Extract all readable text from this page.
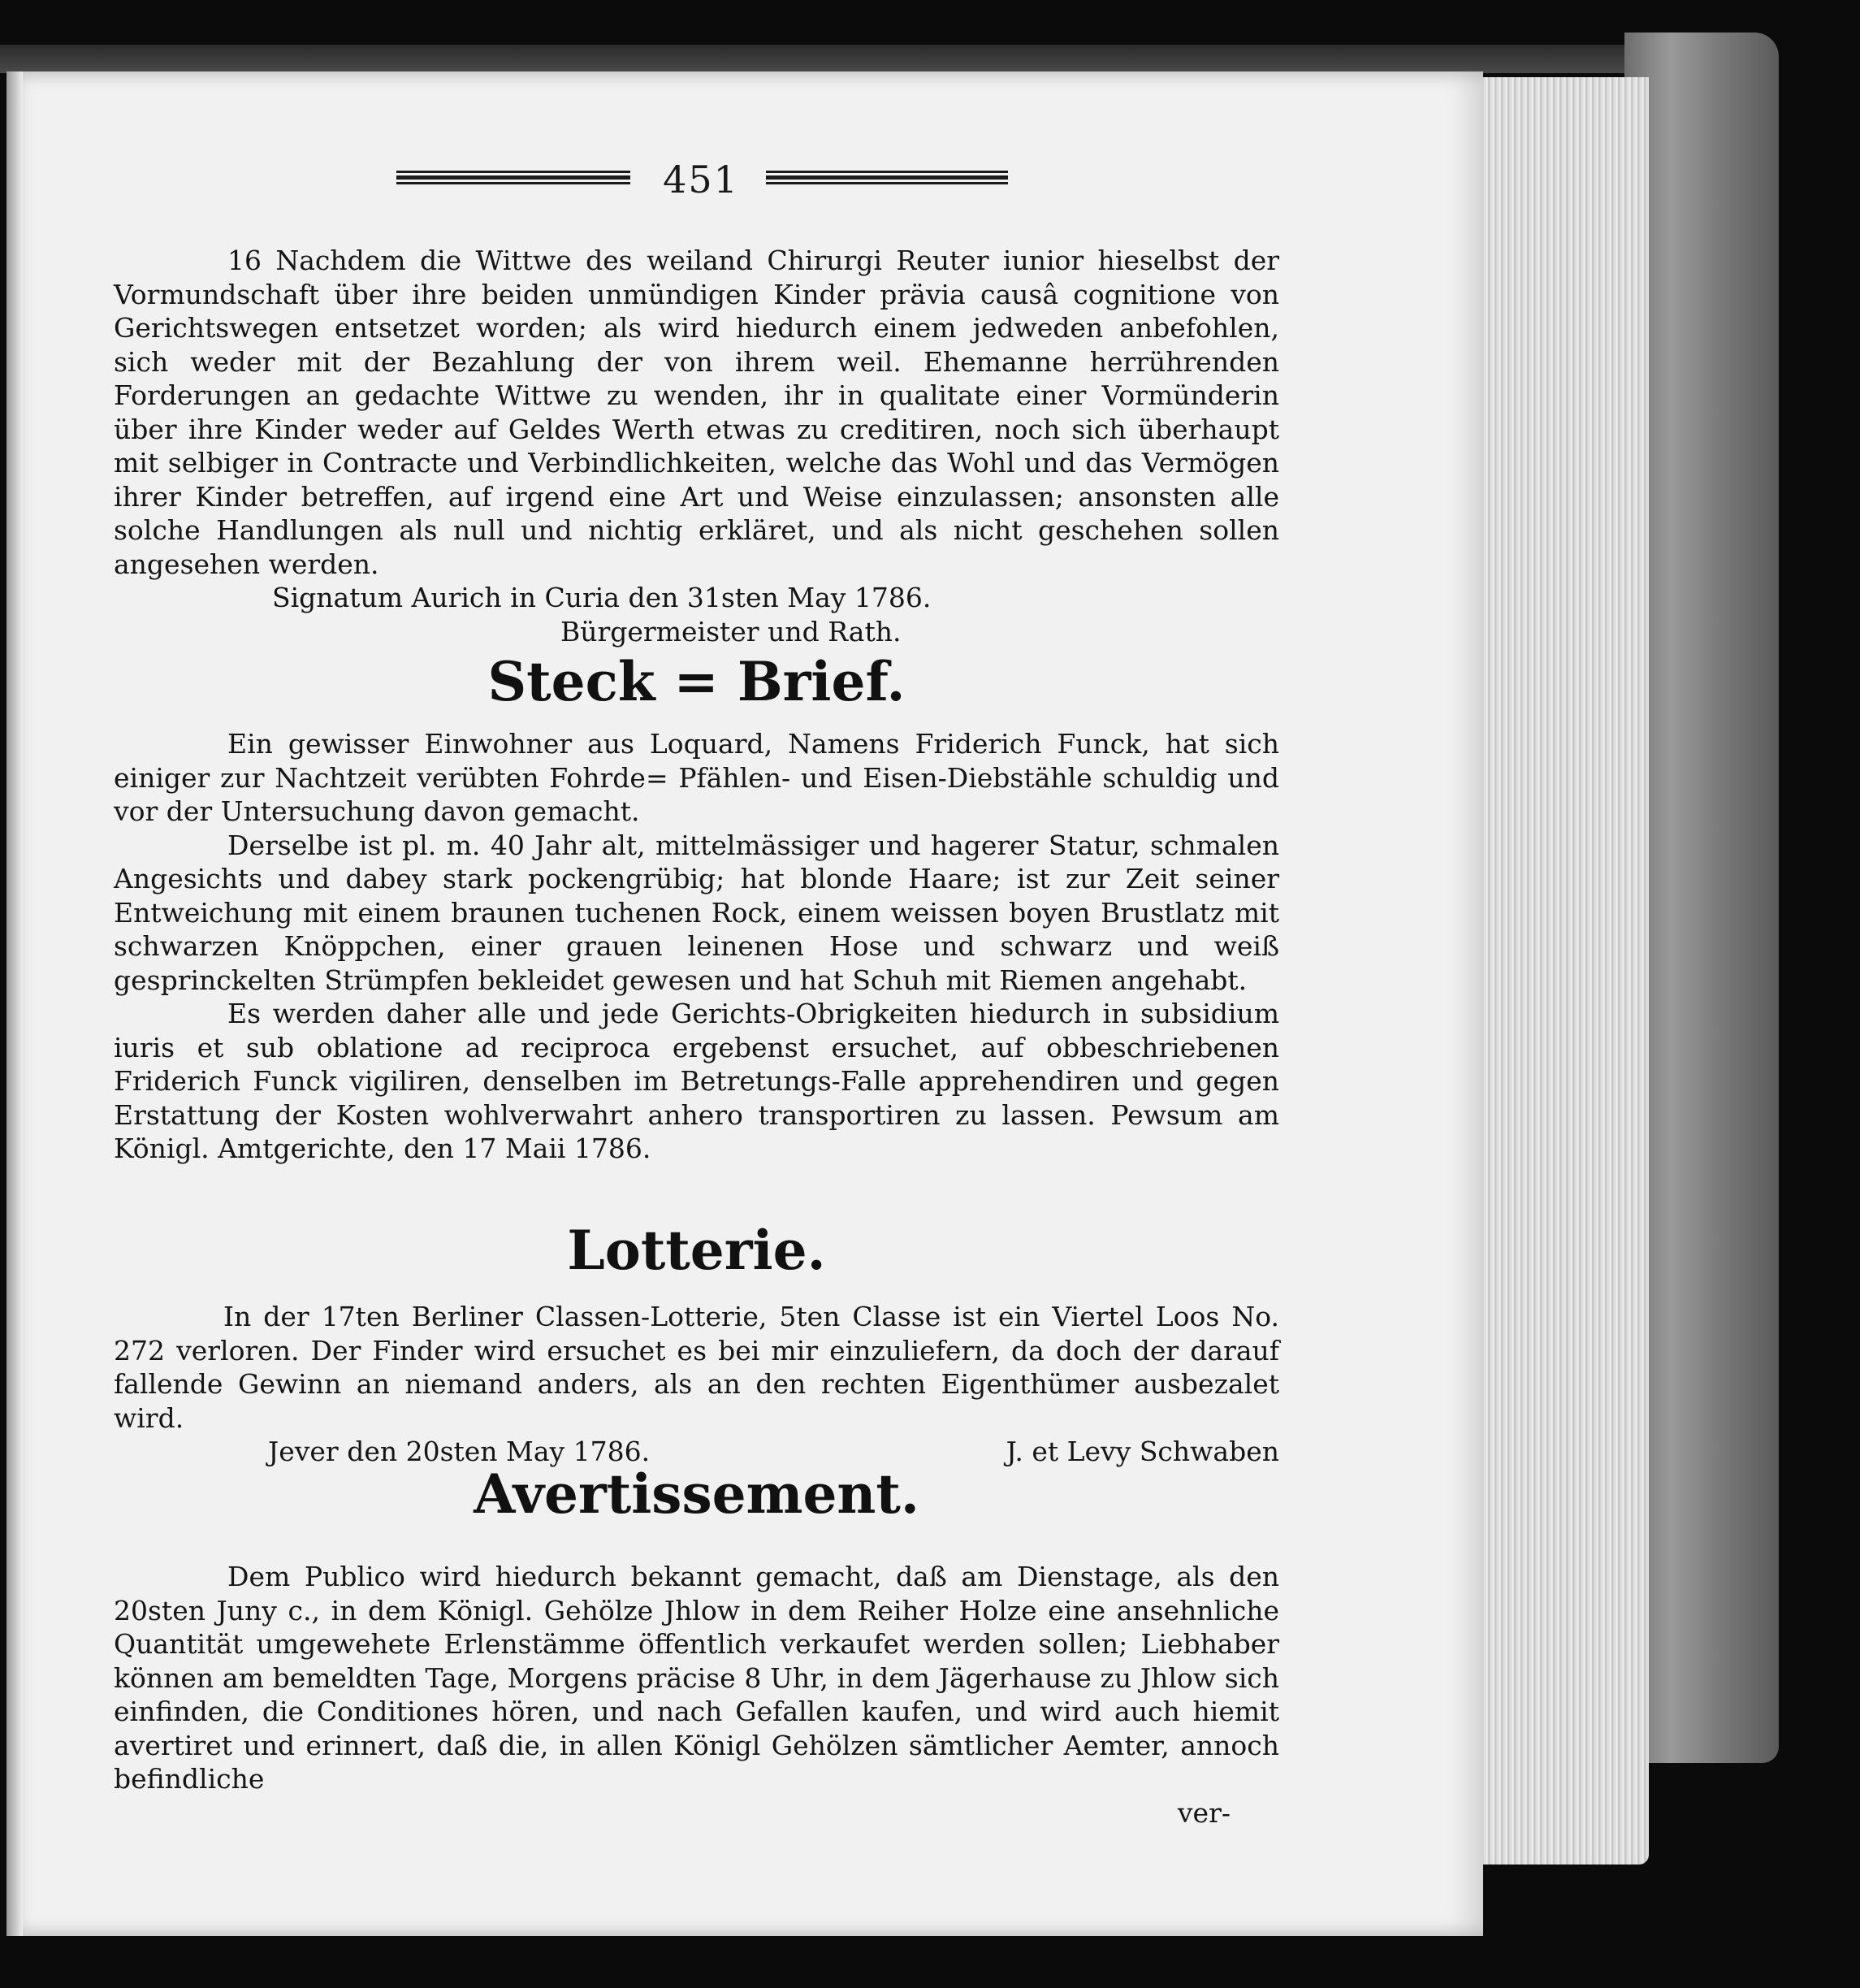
451

16 Nachdem die Wittwe des weiland Chirurgi Reuter iunior hieselbst der Vormundschaft über ihre beiden unmündigen Kinder prävia causâ cognitione von Gerichtswegen entsetzet worden; als wird hiedurch einem jedweden anbefohlen, sich weder mit der Bezahlung der von ihrem weil. Ehemanne herrührenden Forderungen an gedachte Wittwe zu wenden, ihr in qualitate einer Vormünderin über ihre Kinder weder auf Geldes Werth etwas zu creditiren, noch sich überhaupt mit selbiger in Contracte und Verbindlichkeiten, welche das Wohl und das Vermögen ihrer Kinder betreffen, auf irgend eine Art und Weise einzulassen; ansonsten alle solche Handlungen als null und nichtig erkläret, und als nicht geschehen sollen angesehen werden.

Signatum Aurich in Curia den 31sten May 1786.

Bürgermeister und Rath.

Steck = Brief.

Ein gewisser Einwohner aus Loquard, Namens Friderich Funck, hat sich einiger zur Nachtzeit verübten Fohrde= Pfählen- und Eisen-Diebstähle schuldig und vor der Untersuchung davon gemacht.

Derselbe ist pl. m. 40 Jahr alt, mittelmässiger und hagerer Statur, schmalen Angesichts und dabey stark pockengrübig; hat blonde Haare; ist zur Zeit seiner Entweichung mit einem braunen tuchenen Rock, einem weissen boyen Brustlatz mit schwarzen Knöppchen, einer grauen leinenen Hose und schwarz und weiß gesprinckelten Strümpfen bekleidet gewesen und hat Schuh mit Riemen angehabt.

Es werden daher alle und jede Gerichts-Obrigkeiten hiedurch in subsidium iuris et sub oblatione ad reciproca ergebenst ersuchet, auf obbeschriebenen Friderich Funck vigiliren, denselben im Betretungs-Falle apprehendiren und gegen Erstattung der Kosten wohlverwahrt anhero transportiren zu lassen. Pewsum am Königl. Amtgerichte, den 17 Maii 1786.

Lotterie.

In der 17ten Berliner Classen-Lotterie, 5ten Classe ist ein Viertel Loos No. 272 verloren. Der Finder wird ersuchet es bei mir einzuliefern, da doch der darauf fallende Gewinn an niemand anders, als an den rechten Eigenthümer ausbezalet wird.

Jever den 20sten May 1786.	J. et Levy Schwaben
Avertissement.

Dem Publico wird hiedurch bekannt gemacht, daß am Dienstage, als den 20sten Juny c., in dem Königl. Gehölze Jhlow in dem Reiher Holze eine ansehnliche Quantität umgewehete Erlenstämme öffentlich verkaufet werden sollen; Liebhaber können am bemeldten Tage, Morgens präcise 8 Uhr, in dem Jägerhause zu Jhlow sich einfinden, die Conditiones hören, und nach Gefallen kaufen, und wird auch hiemit avertiret und erinnert, daß die, in allen Königl Gehölzen sämtlicher Aemter, annoch befindliche

ver-
